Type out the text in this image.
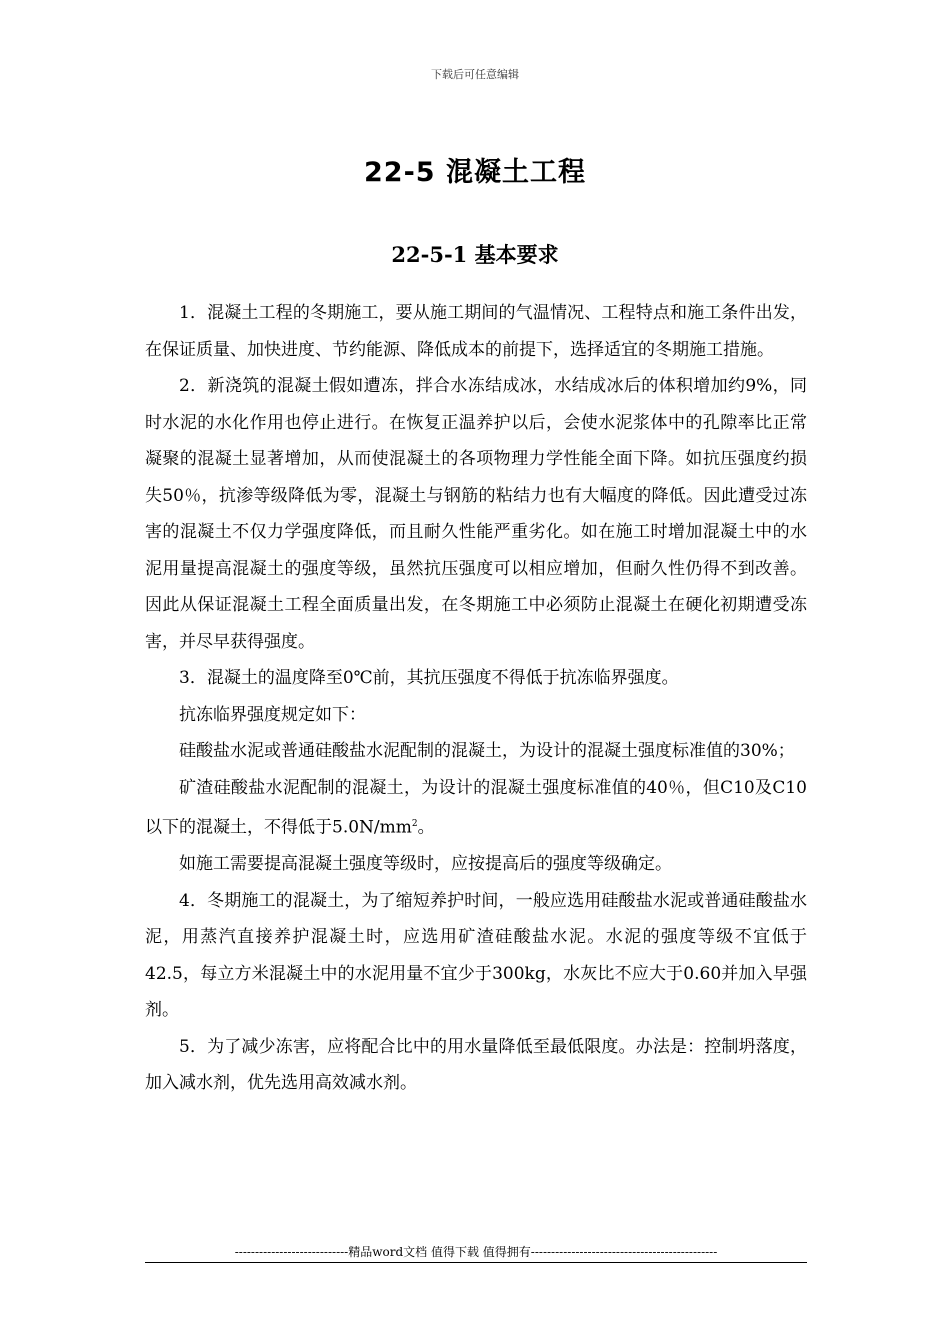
下载后可任意编辑
22-5 混凝土工程
22-5-1 基本要求

1．混凝土工程的冬期施工，要从施工期间的气温情况、工程特点和施工条件出发，在保证质量、加快进度、节约能源、降低成本的前提下，选择适宜的冬期施工措施。

2．新浇筑的混凝土假如遭冻，拌合水冻结成冰，水结成冰后的体积增加约9%，同时水泥的水化作用也停止进行。在恢复正温养护以后，会使水泥浆体中的孔隙率比正常凝聚的混凝土显著增加，从而使混凝土的各项物理力学性能全面下降。如抗压强度约损失50％，抗渗等级降低为零，混凝土与钢筋的粘结力也有大幅度的降低。因此遭受过冻害的混凝土不仅力学强度降低，而且耐久性能严重劣化。如在施工时增加混凝土中的水泥用量提高混凝土的强度等级，虽然抗压强度可以相应增加，但耐久性仍得不到改善。因此从保证混凝土工程全面质量出发，在冬期施工中必须防止混凝土在硬化初期遭受冻害，并尽早获得强度。

3．混凝土的温度降至0℃前，其抗压强度不得低于抗冻临界强度。

抗冻临界强度规定如下：

硅酸盐水泥或普通硅酸盐水泥配制的混凝土，为设计的混凝土强度标准值的30%；

矿渣硅酸盐水泥配制的混凝土，为设计的混凝土强度标准值的40％，但C10及C10以下的混凝土，不得低于$5.0N/mm^2$。

如施工需要提高混凝土强度等级时，应按提高后的强度等级确定。

4．冬期施工的混凝土，为了缩短养护时间，一般应选用硅酸盐水泥或普通硅酸盐水泥，用蒸汽直接养护混凝土时，应选用矿渣硅酸盐水泥。水泥的强度等级不宜低于42.5，每立方米混凝土中的水泥用量不宜少于300kg，水灰比不应大于0.60并加入早强剂。

5．为了减少冻害，应将配合比中的用水量降低至最低限度。办法是：控制坍落度，加入减水剂，优先选用高效减水剂。

----------------------------精品word文档 值得下载 值得拥有----------------------------------------------
